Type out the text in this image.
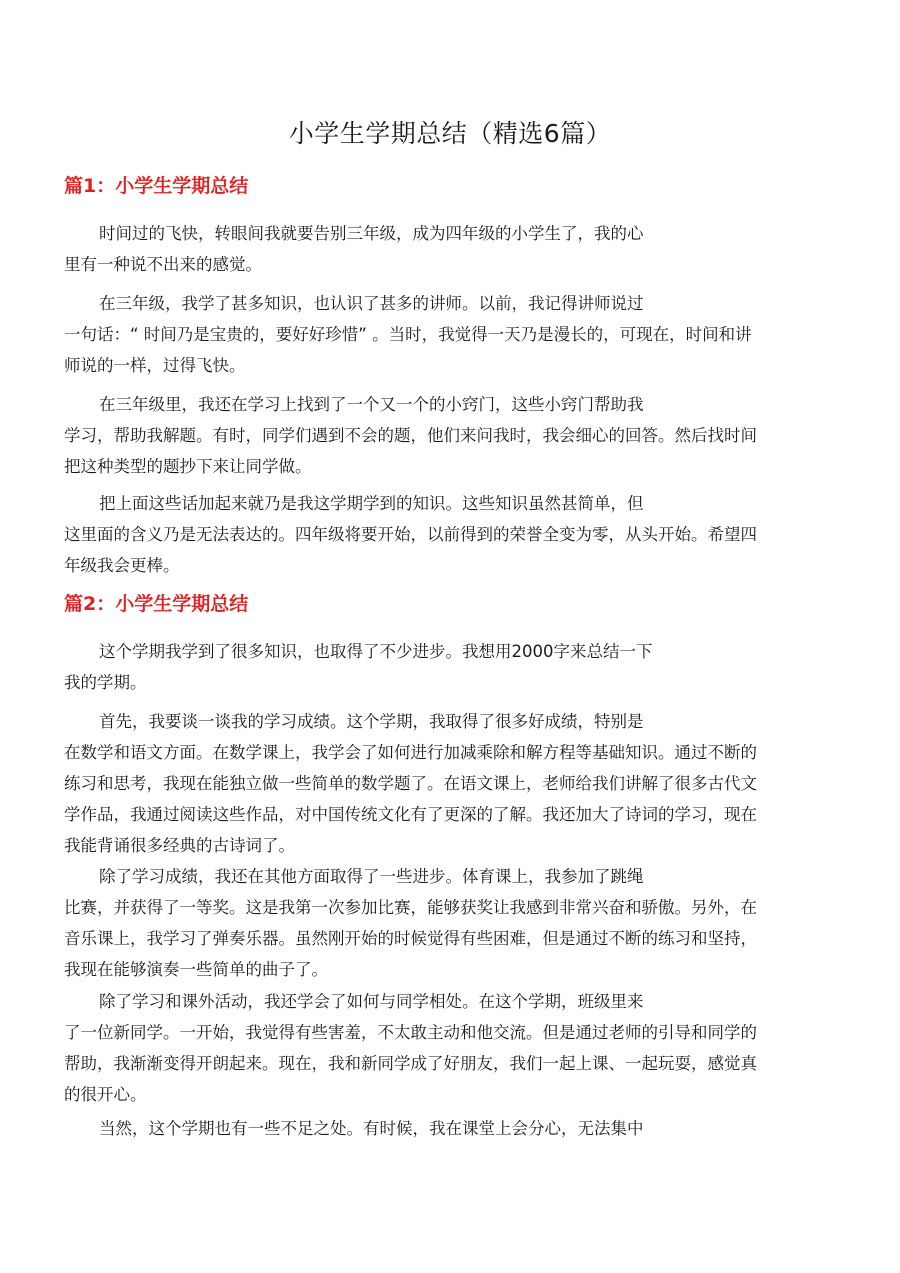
小学生学期总结（精选6篇）
篇1：小学生学期总结
时间过的飞快，转眼间我就要告别三年级，成为四年级的小学生了，我的心
里有一种说不出来的感觉。
在三年级，我学了甚多知识，也认识了甚多的讲师。以前，我记得讲师说过
一句话：“ 时间乃是宝贵的，要好好珍惜” 。当时，我觉得一天乃是漫长的，可现在，时间和讲
师说的一样，过得飞快。
在三年级里，我还在学习上找到了一个又一个的小窍门，这些小窍门帮助我
学习，帮助我解题。有时，同学们遇到不会的题，他们来问我时，我会细心的回答。然后找时间
把这种类型的题抄下来让同学做。
把上面这些话加起来就乃是我这学期学到的知识。这些知识虽然甚简单，但
这里面的含义乃是无法表达的。四年级将要开始，以前得到的荣誉全变为零，从头开始。希望四
年级我会更棒。
篇2：小学生学期总结
这个学期我学到了很多知识，也取得了不少进步。我想用2000字来总结一下
我的学期。
首先，我要谈一谈我的学习成绩。这个学期，我取得了很多好成绩，特别是
在数学和语文方面。在数学课上，我学会了如何进行加减乘除和解方程等基础知识。通过不断的
练习和思考，我现在能独立做一些简单的数学题了。在语文课上，老师给我们讲解了很多古代文
学作品，我通过阅读这些作品，对中国传统文化有了更深的了解。我还加大了诗词的学习，现在
我能背诵很多经典的古诗词了。
除了学习成绩，我还在其他方面取得了一些进步。体育课上，我参加了跳绳
比赛，并获得了一等奖。这是我第一次参加比赛，能够获奖让我感到非常兴奋和骄傲。另外，在
音乐课上，我学习了弹奏乐器。虽然刚开始的时候觉得有些困难，但是通过不断的练习和坚持，
我现在能够演奏一些简单的曲子了。
除了学习和课外活动，我还学会了如何与同学相处。在这个学期，班级里来
了一位新同学。一开始，我觉得有些害羞，不太敢主动和他交流。但是通过老师的引导和同学的
帮助，我渐渐变得开朗起来。现在，我和新同学成了好朋友，我们一起上课、一起玩耍，感觉真
的很开心。
当然，这个学期也有一些不足之处。有时候，我在课堂上会分心，无法集中
